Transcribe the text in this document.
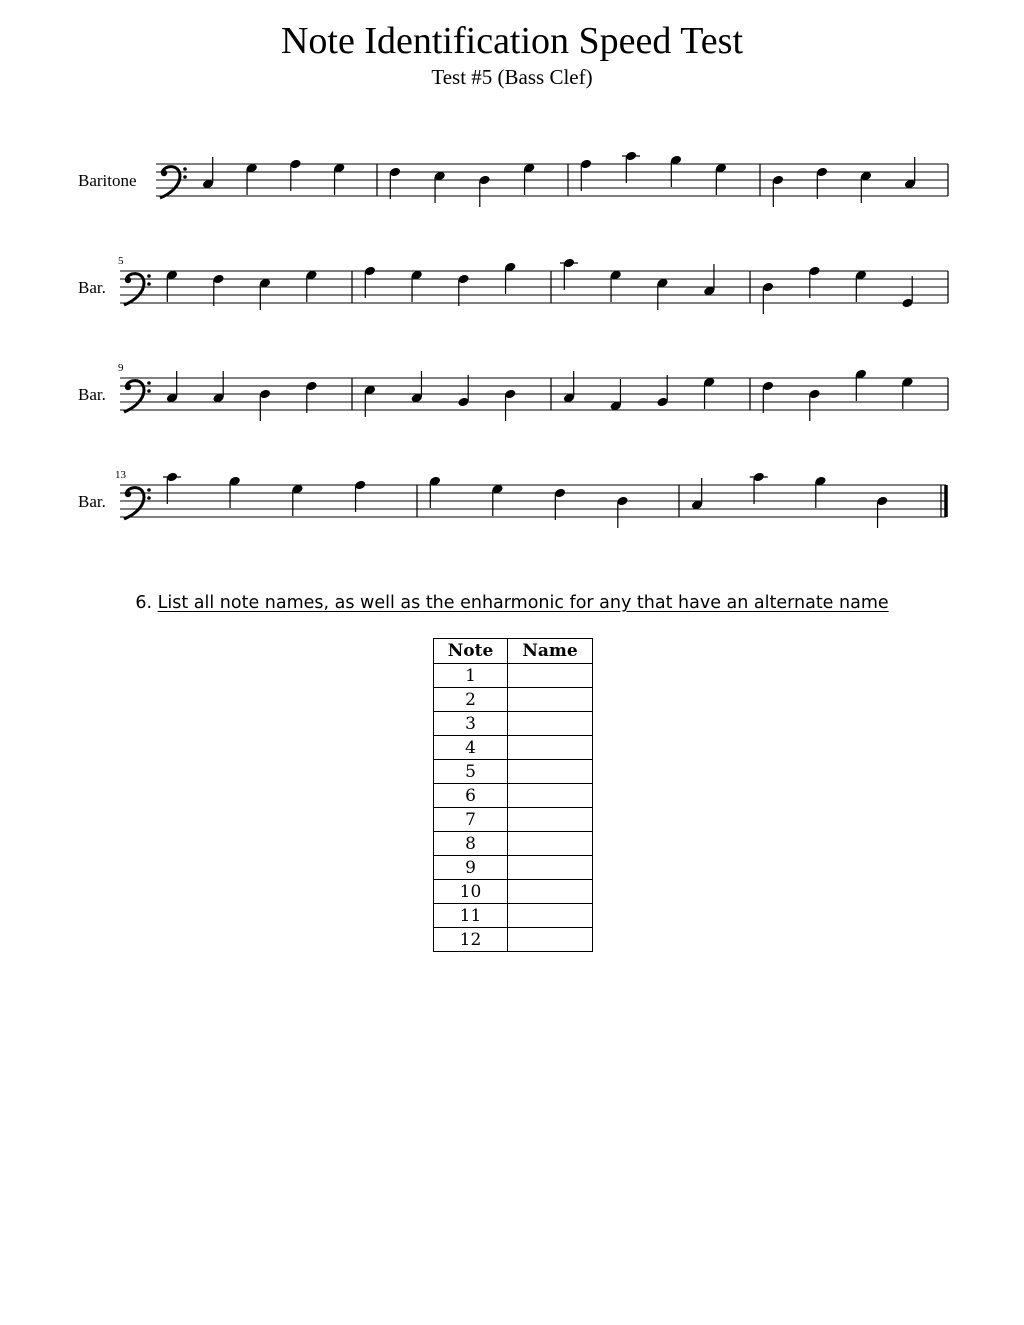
Note Identification Speed Test
Test #5 (Bass Clef)
Baritone
Bar.
5
Bar.
9
Bar.
13
6. List all note names, as well as the enharmonic for any that have an alternate name
Note	Name
1	
2	
3	
4	
5	
6	
7	
8	
9	
10	
11	
12	
